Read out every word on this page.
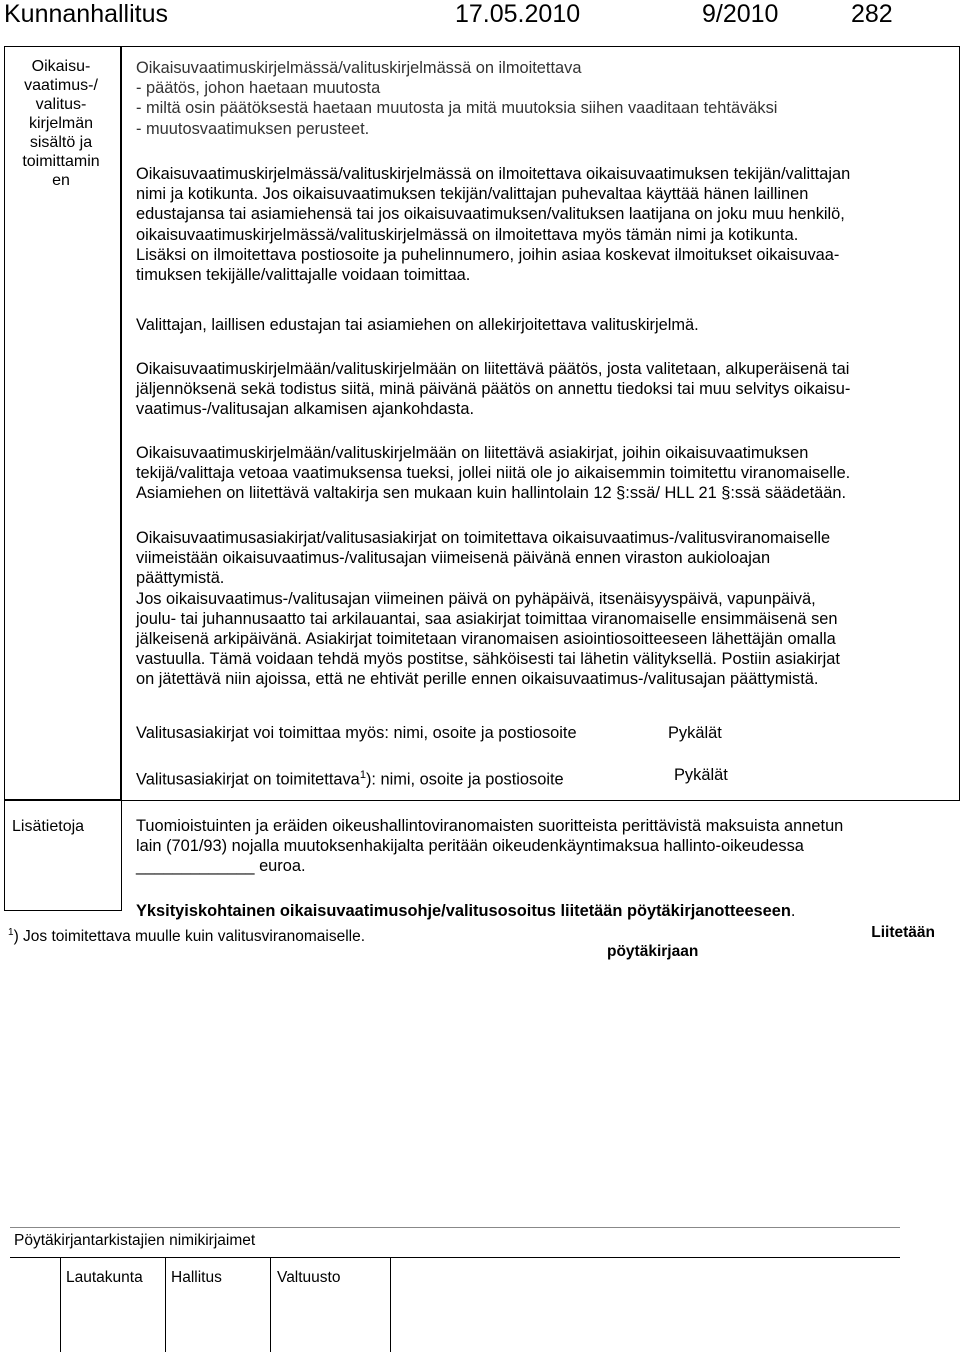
Kunnanhallitus	17.05.2010	9/2010	282
Oikaisu-
vaatimus-/
valitus-
kirjelmän
sisältö ja
toimittamin
en
Oikaisuvaatimuskirjelmässä/valituskirjelmässä on ilmoitettava
- päätös, johon haetaan muutosta
- miltä osin päätöksestä haetaan muutosta ja mitä muutoksia siihen vaaditaan tehtäväksi
- muutosvaatimuksen perusteet.
Oikaisuvaatimuskirjelmässä/valituskirjelmässä on ilmoitettava oikaisuvaatimuksen tekijän/valittajan
nimi ja kotikunta. Jos oikaisuvaatimuksen tekijän/valittajan puhevaltaa käyttää hänen laillinen
edustajansa tai asiamiehensä tai jos oikaisuvaatimuksen/valituksen laatijana on joku muu henkilö,
oikaisuvaatimuskirjelmässä/valituskirjelmässä on ilmoitettava myös tämän nimi ja kotikunta.
Lisäksi on ilmoitettava postiosoite ja puhelinnumero, joihin asiaa koskevat ilmoitukset oikaisuvaa-
timuksen tekijälle/valittajalle voidaan toimittaa.
Valittajan, laillisen edustajan tai asiamiehen on allekirjoitettava valituskirjelmä.
Oikaisuvaatimuskirjelmään/valituskirjelmään on liitettävä päätös, josta valitetaan, alkuperäisenä tai
jäljennöksenä sekä todistus siitä, minä päivänä päätös on annettu tiedoksi tai muu selvitys oikaisu-
vaatimus-/valitusajan alkamisen ajankohdasta.
Oikaisuvaatimuskirjelmään/valituskirjelmään on liitettävä asiakirjat, joihin oikaisuvaatimuksen
tekijä/valittaja vetoaa vaatimuksensa tueksi, jollei niitä ole jo aikaisemmin toimitettu viranomaiselle.
Asiamiehen on liitettävä valtakirja sen mukaan kuin hallintolain 12 §:ssä/ HLL 21 §:ssä säädetään.
Oikaisuvaatimusasiakirjat/valitusasiakirjat on toimitettava oikaisuvaatimus-/valitusviranomaiselle
viimeistään oikaisuvaatimus-/valitusajan viimeisenä päivänä ennen viraston aukioloajan
päättymistä.
Jos oikaisuvaatimus-/valitusajan viimeinen päivä on pyhäpäivä, itsenäisyyspäivä, vapunpäivä,
joulu- tai juhannusaatto tai arkilauantai, saa asiakirjat toimittaa viranomaiselle ensimmäisenä sen
jälkeisenä arkipäivänä. Asiakirjat toimitetaan viranomaisen asiointiosoitteeseen lähettäjän omalla
vastuulla. Tämä voidaan tehdä myös postitse, sähköisesti tai lähetin välityksellä. Postiin asiakirjat
on jätettävä niin ajoissa, että ne ehtivät perille ennen oikaisuvaatimus-/valitusajan päättymistä.
Valitusasiakirjat voi toimittaa myös: nimi, osoite ja postiosoite	Pykälät
Valitusasiakirjat on toimitettava$^1$): nimi, osoite ja postiosoite	Pykälät
Lisätietoja	Tuomioistuinten ja eräiden oikeushallintoviranomaisten suoritteista perittävistä maksuista annetun
lain (701/93) nojalla muutoksenhakijalta peritään oikeudenkäyntimaksua hallinto-oikeudessa
_____________ euroa.
Yksityiskohtainen oikaisuvaatimusohje/valitusosoitus liitetään pöytäkirjanotteeseen.
$^1$) Jos toimitettava muulle kuin valitusviranomaiselle.	Liitetään
pöytäkirjaan
Pöytäkirjantarkistajien nimikirjaimet
Lautakunta Hallitus	Valtuusto
